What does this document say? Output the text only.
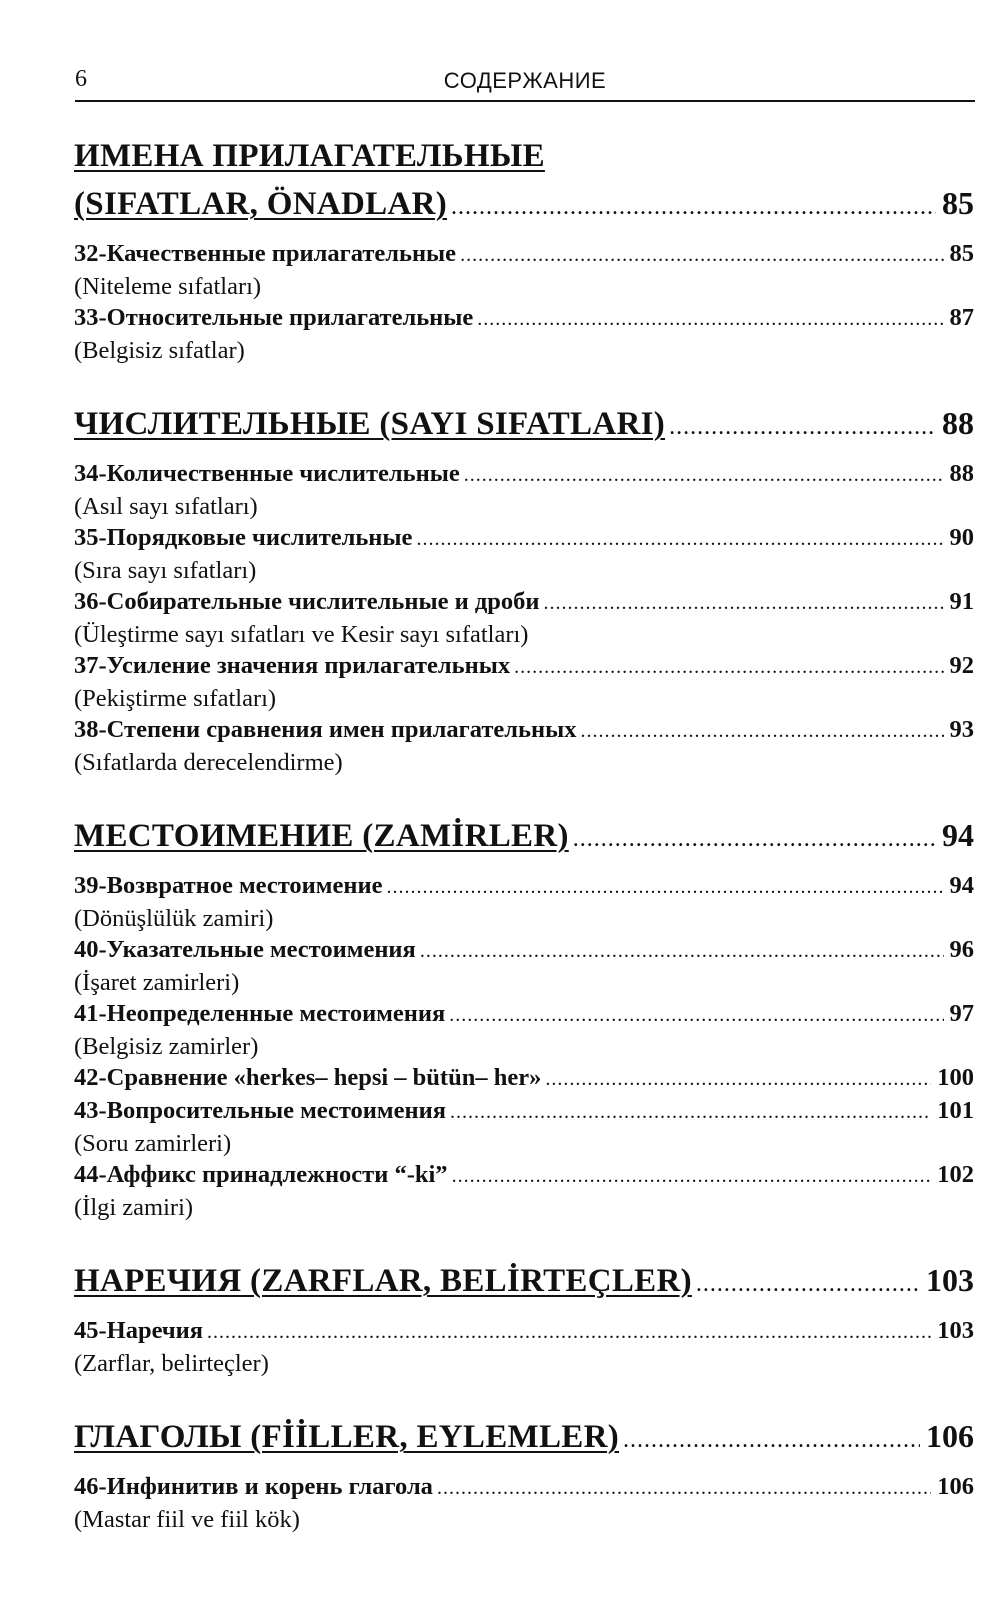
6	СОДЕРЖАНИЕ
ИМЕНА ПРИЛАГАТЕЛЬНЫЕ
(SIFATLAR, ÖNADLAR) .....	85
32-Качественные прилагательные .....	85
(Niteleme sıfatları)
33-Относительные прилагательные .....	87
(Belgisiz sıfatlar)
ЧИСЛИТЕЛЬНЫЕ (SAYI SIFATLARI) .....	88
34-Количественные числительные .....	88
(Asıl sayı sıfatları)
35-Порядковые числительные .....	90
(Sıra sayı sıfatları)
36-Собирательные числительные и дроби .....	91
(Üleştirme sayı sıfatları ve Kesir sayı sıfatları)
37-Усиление значения прилагательных .....	92
(Pekiştirme sıfatları)
38-Степени сравнения имен прилагательных .....	93
(Sıfatlarda derecelendirme)
МЕСТОИМЕНИЕ (ZAMİRLER) .....	94
39-Возвратное местоимение .....	94
(Dönüşlülük zamiri)
40-Указательные местоимения .....	96
(İşaret zamirleri)
41-Неопределенные местоимения .....	97
(Belgisiz zamirler)
42-Сравнение «herkes– hepsi – bütün– her» .....	100
43-Вопросительные местоимения .....	101
(Soru zamirleri)
44-Аффикс принадлежности “-ki” .....	102
(İlgi zamiri)
НАРЕЧИЯ (ZARFLAR, BELİRTEÇLER) .....	103
45-Наречия .....	103
(Zarflar, belirteçler)
ГЛАГОЛЫ (FİİLLER, EYLEMLER) .....	106
46-Инфинитив и корень глагола .....	106
(Mastar fiil ve fiil kök)
